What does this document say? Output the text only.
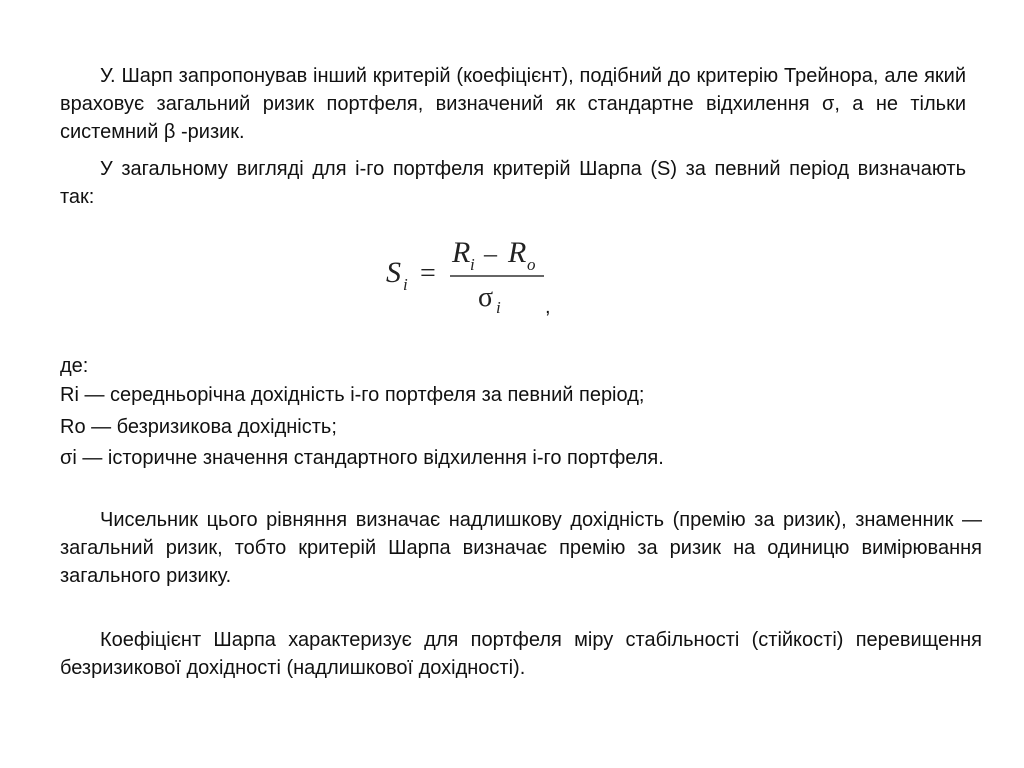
У. Шарп запропонував інший критерій (коефіцієнт), подібний до критерію Трейнора, але який враховує загальний ризик портфеля, визначений як стандартне відхилення σ, а не тільки системний β -ризик.

У загальному вигляді для і-го портфеля критерій Шарпа (S) за певний період визначають так:

S i =
R i – R o
σ i ,

де:

Ri — середньорічна дохідність і-го портфеля за певний період;

Ro — безризикова дохідність;

σi — історичне значення стандартного відхилення і-го портфеля.

Чисельник цього рівняння визначає надлишкову дохідність (премію за ризик), знаменник — загальний ризик, тобто критерій Шарпа визначає премію за ризик на одиницю вимірювання загального ризику.

Коефіцієнт Шарпа характеризує для портфеля міру стабільності (стійкості) перевищення безризикової дохідності (надлишкової дохідності).
